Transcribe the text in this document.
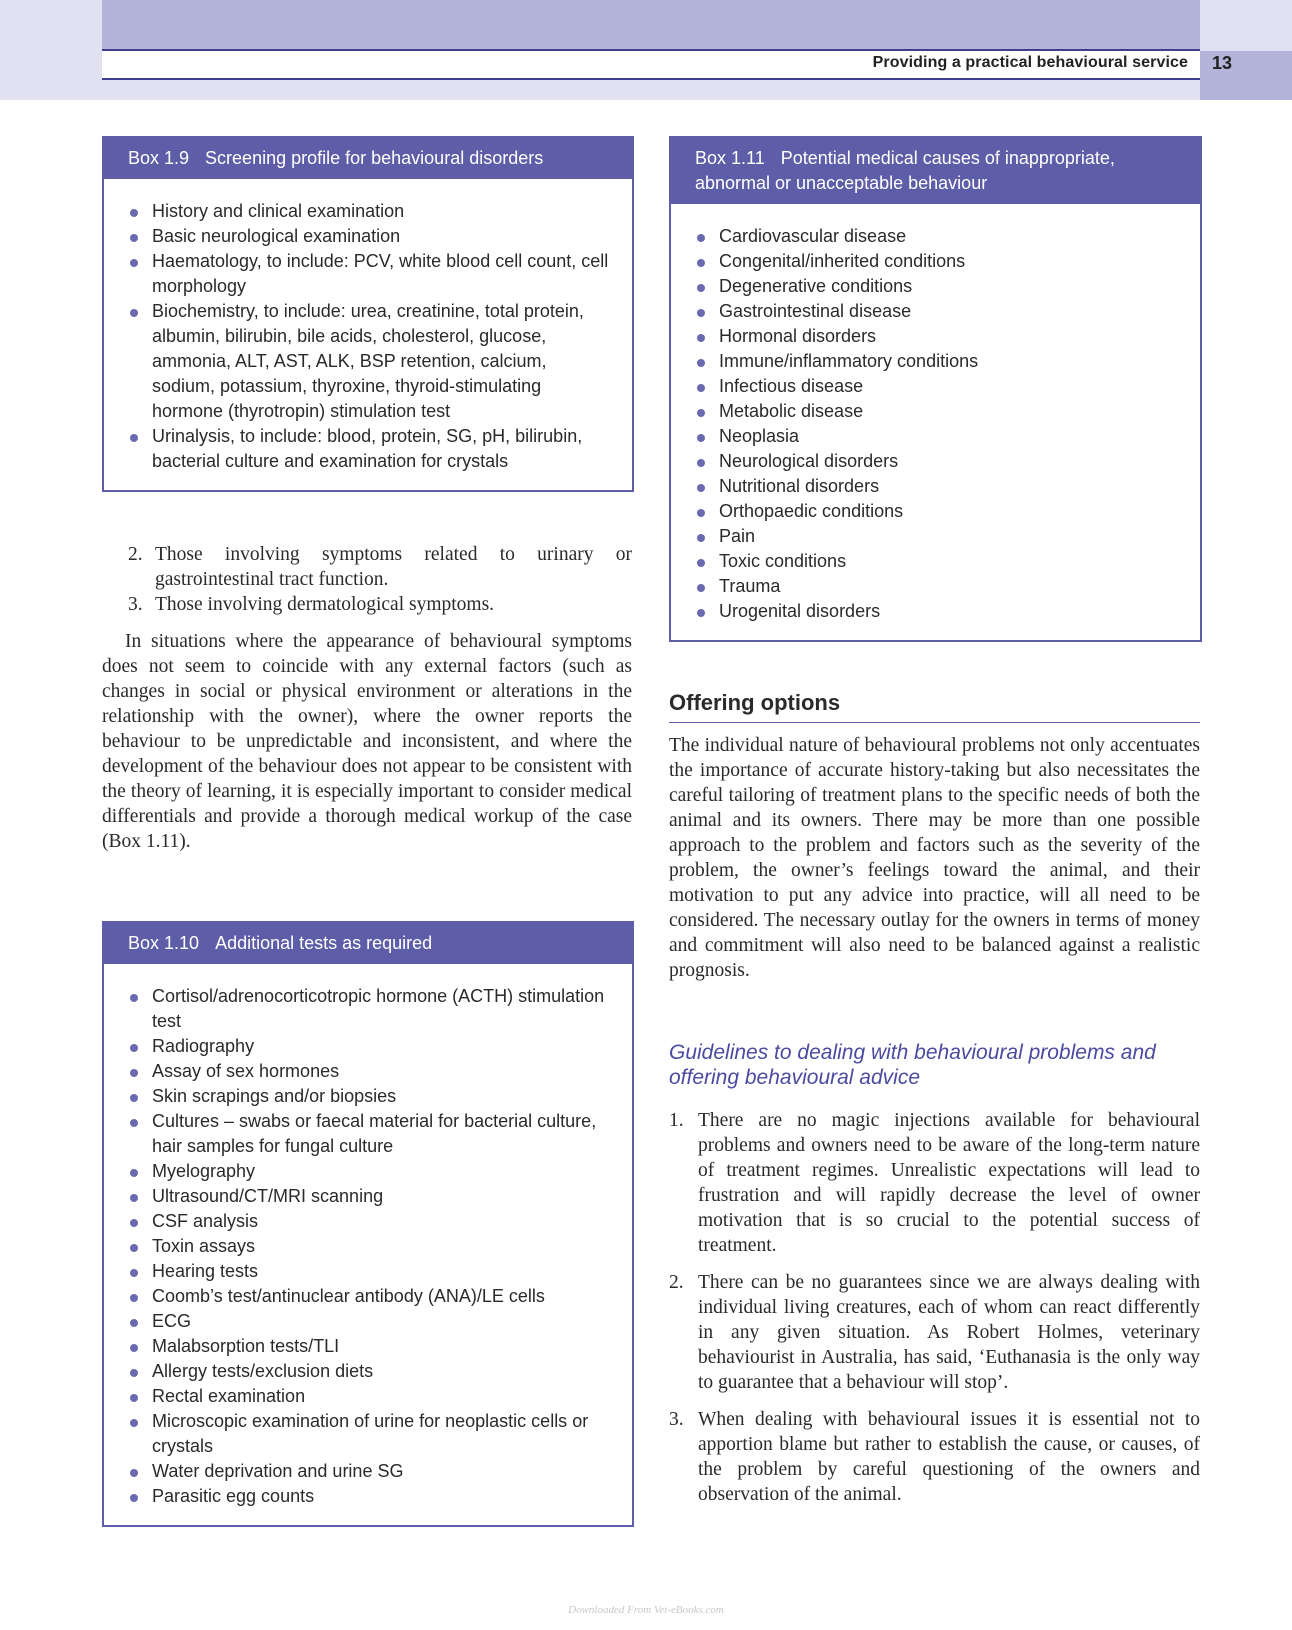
Providing a practical behavioural service 13
Box 1.9 Screening profile for behavioural disorders
History and clinical examination
Basic neurological examination
Haematology, to include: PCV, white blood cell count, cell morphology
Biochemistry, to include: urea, creatinine, total protein, albumin, bilirubin, bile acids, cholesterol, glucose, ammonia, ALT, AST, ALK, BSP retention, calcium, sodium, potassium, thyroxine, thyroid-stimulating hormone (thyrotropin) stimulation test
Urinalysis, to include: blood, protein, SG, pH, bilirubin, bacterial culture and examination for crystals
2. Those involving symptoms related to urinary or gastrointestinal tract function.
3. Those involving dermatological symptoms.

In situations where the appearance of behavioural symptoms does not seem to coincide with any external factors (such as changes in social or physical environment or alterations in the relationship with the owner), where the owner reports the behaviour to be unpredictable and inconsistent, and where the development of the behaviour does not appear to be consistent with the theory of learning, it is especially important to consider medical differentials and provide a thorough medical workup of the case (Box 1.11).

Box 1.10 Additional tests as required
Cortisol/adrenocorticotropic hormone (ACTH) stimulation test
Radiography
Assay of sex hormones
Skin scrapings and/or biopsies
Cultures – swabs or faecal material for bacterial culture, hair samples for fungal culture
Myelography
Ultrasound/CT/MRI scanning
CSF analysis
Toxin assays
Hearing tests
Coomb’s test/antinuclear antibody (ANA)/LE cells
ECG
Malabsorption tests/TLI
Allergy tests/exclusion diets
Rectal examination
Microscopic examination of urine for neoplastic cells or crystals
Water deprivation and urine SG
Parasitic egg counts
Box 1.11 Potential medical causes of inappropriate, abnormal or unacceptable behaviour
Cardiovascular disease
Congenital/inherited conditions
Degenerative conditions
Gastrointestinal disease
Hormonal disorders
Immune/inflammatory conditions
Infectious disease
Metabolic disease
Neoplasia
Neurological disorders
Nutritional disorders
Orthopaedic conditions
Pain
Toxic conditions
Trauma
Urogenital disorders
Offering options

The individual nature of behavioural problems not only accentuates the importance of accurate history-taking but also necessitates the careful tailoring of treatment plans to the specific needs of both the animal and its owners. There may be more than one possible approach to the problem and factors such as the severity of the problem, the owner’s feelings toward the animal, and their motivation to put any advice into practice, will all need to be considered. The necessary outlay for the owners in terms of money and commitment will also need to be balanced against a realistic prognosis.

Guidelines to dealing with behavioural problems and offering behavioural advice
1. There are no magic injections available for behavioural problems and owners need to be aware of the long-term nature of treatment regimes. Unrealistic expectations will lead to frustration and will rapidly decrease the level of owner motivation that is so crucial to the potential success of treatment.
2. There can be no guarantees since we are always dealing with individual living creatures, each of whom can react differently in any given situation. As Robert Holmes, veterinary behaviourist in Australia, has said, ‘Euthanasia is the only way to guarantee that a behaviour will stop’.
3. When dealing with behavioural issues it is essential not to apportion blame but rather to establish the cause, or causes, of the problem by careful questioning of the owners and observation of the animal.
Downloaded From Vet-eBooks.com
